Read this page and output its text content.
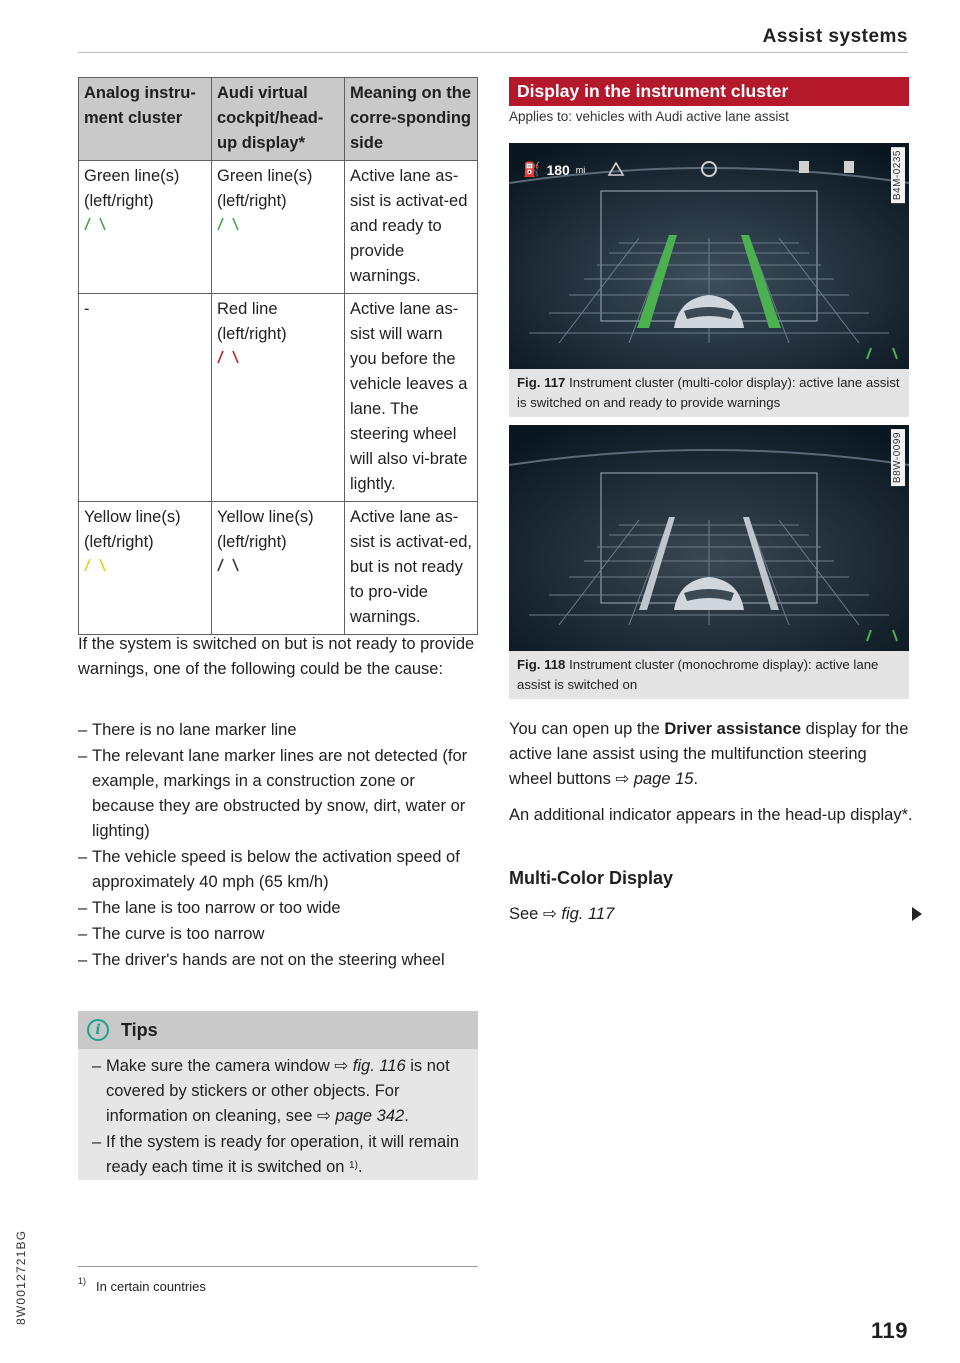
Assist systems
Analog instru-ment cluster	Audi virtual cockpit/head-up display*	Meaning on the corre-sponding side

Green line(s) (left/right)	Green line(s) (left/right)	Active lane as-sist is activat-ed and ready to provide warnings.
-	Red line (left/right)	Active lane as-sist will warn you before the vehicle leaves a lane. The steering wheel will also vi-brate lightly.

Yellow line(s) (left/right)	Yellow line(s) (left/right)	Active lane as-sist is activat-ed, but is not ready to pro-vide warnings.

If the system is switched on but is not ready to provide warnings, one of the following could be the cause:

– There is no lane marker line
– The relevant lane marker lines are not detected (for example, markings in a construction zone or because they are obstructed by snow, dirt, water or lighting)
– The vehicle speed is below the activation speed of approximately 40 mph (65 km/h)
– The lane is too narrow or too wide
– The curve is too narrow
– The driver's hands are not on the steering wheel
i	Tips
– Make sure the camera window ⇨ fig. 116 is not covered by stickers or other objects. For information on cleaning, see ⇨ page 342.
– If the system is ready for operation, it will remain ready each time it is switched on $^{1)}$.
$^{1)}$ In certain countries
8W0012721BG
119
Display in the instrument cluster
Applies to: vehicles with Audi active lane assist
⛽ 180 mi	B4M-0235
Fig. 117 Instrument cluster (multi-color display): active lane assist is switched on and ready to provide warnings
B8W-0099
Fig. 118 Instrument cluster (monochrome display): active lane assist is switched on

You can open up the Driver assistance display for the active lane assist using the multifunction steering wheel buttons ⇨ page 15.

An additional indicator appears in the head-up display*.

Multi-Color Display

See ⇨ fig. 117
